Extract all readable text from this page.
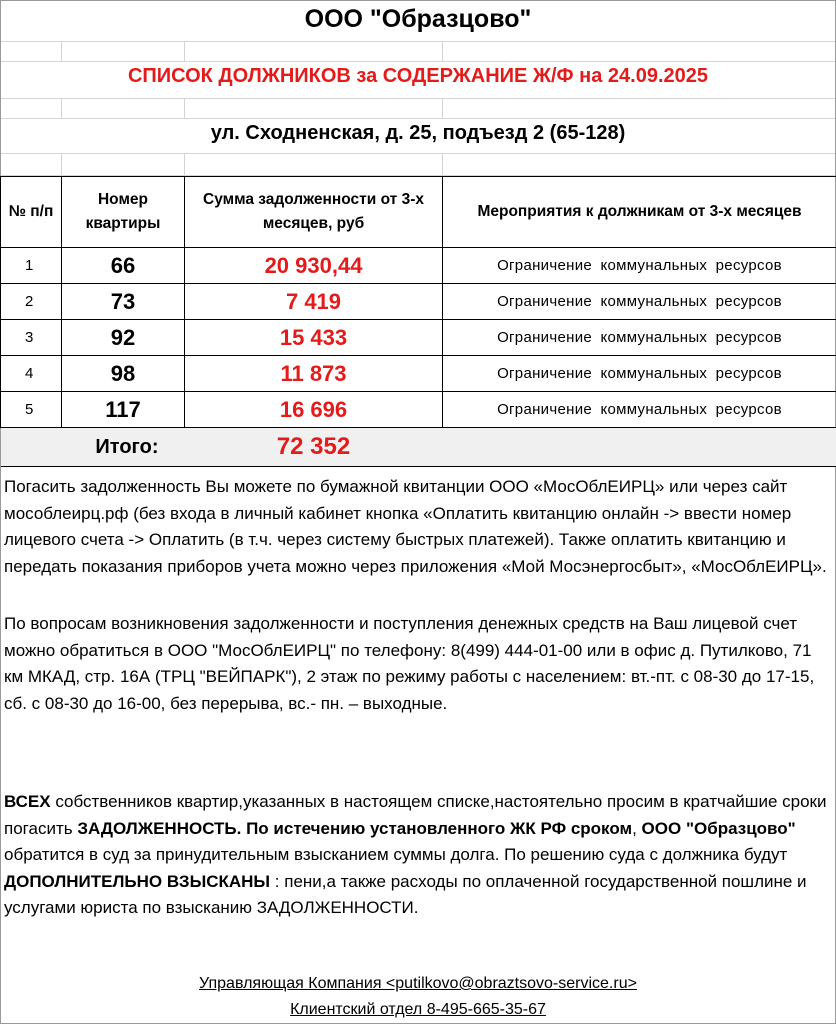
ООО "Образцово"
СПИСОК ДОЛЖНИКОВ за СОДЕРЖАНИЕ Ж/Ф на 24.09.2025
ул. Сходненская, д. 25, подъезд 2 (65-128)
№ п/п	Номер квартиры	Сумма задолженности от 3-х месяцев, руб	Мероприятия к должникам от 3-х месяцев
1	66	20 930,44	Ограничение коммунальных ресурсов
2	73	7 419	Ограничение коммунальных ресурсов
3	92	15 433	Ограничение коммунальных ресурсов
4	98	11 873	Ограничение коммунальных ресурсов
5	117	16 696	Ограничение коммунальных ресурсов
Итого:		72 352	
Погасить задолженность Вы можете по бумажной квитанции ООО «МосОблЕИРЦ» или через сайт мособлеирц.рф (без входа в личный кабинет кнопка «Оплатить квитанцию онлайн -> ввести номер лицевого счета -> Оплатить (в т.ч. через систему быстрых платежей). Также оплатить квитанцию и передать показания приборов учета можно через приложения «Мой Мосэнергосбыт», «МосОблЕИРЦ».
По вопросам возникновения задолженности и поступления денежных средств на Ваш лицевой счет можно обратиться в ООО "МосОблЕИРЦ" по телефону: 8(499) 444-01-00 или в офис д. Путилково, 71 км МКАД, стр. 16А (ТРЦ "ВЕЙПАРК"), 2 этаж по режиму работы с населением: вт.-пт. с 08-30 до 17-15, сб. с 08-30 до 16-00, без перерыва, вс.- пн. – выходные.
ВСЕХ собственников квартир,указанных в настоящем списке,настоятельно просим в кратчайшие сроки погасить ЗАДОЛЖЕННОСТЬ. По истечению установленного ЖК РФ сроком, ООО "Образцово" обратится в суд за принудительным взысканием суммы долга. По решению суда с должника будут ДОПОЛНИТЕЛЬНО ВЗЫСКАНЫ : пени,а также расходы по оплаченной государственной пошлине и услугами юриста по взысканию ЗАДОЛЖЕННОСТИ.
Управляющая Компания <putilkovo@obraztsovo-service.ru>
Клиентский отдел 8-495-665-35-67
